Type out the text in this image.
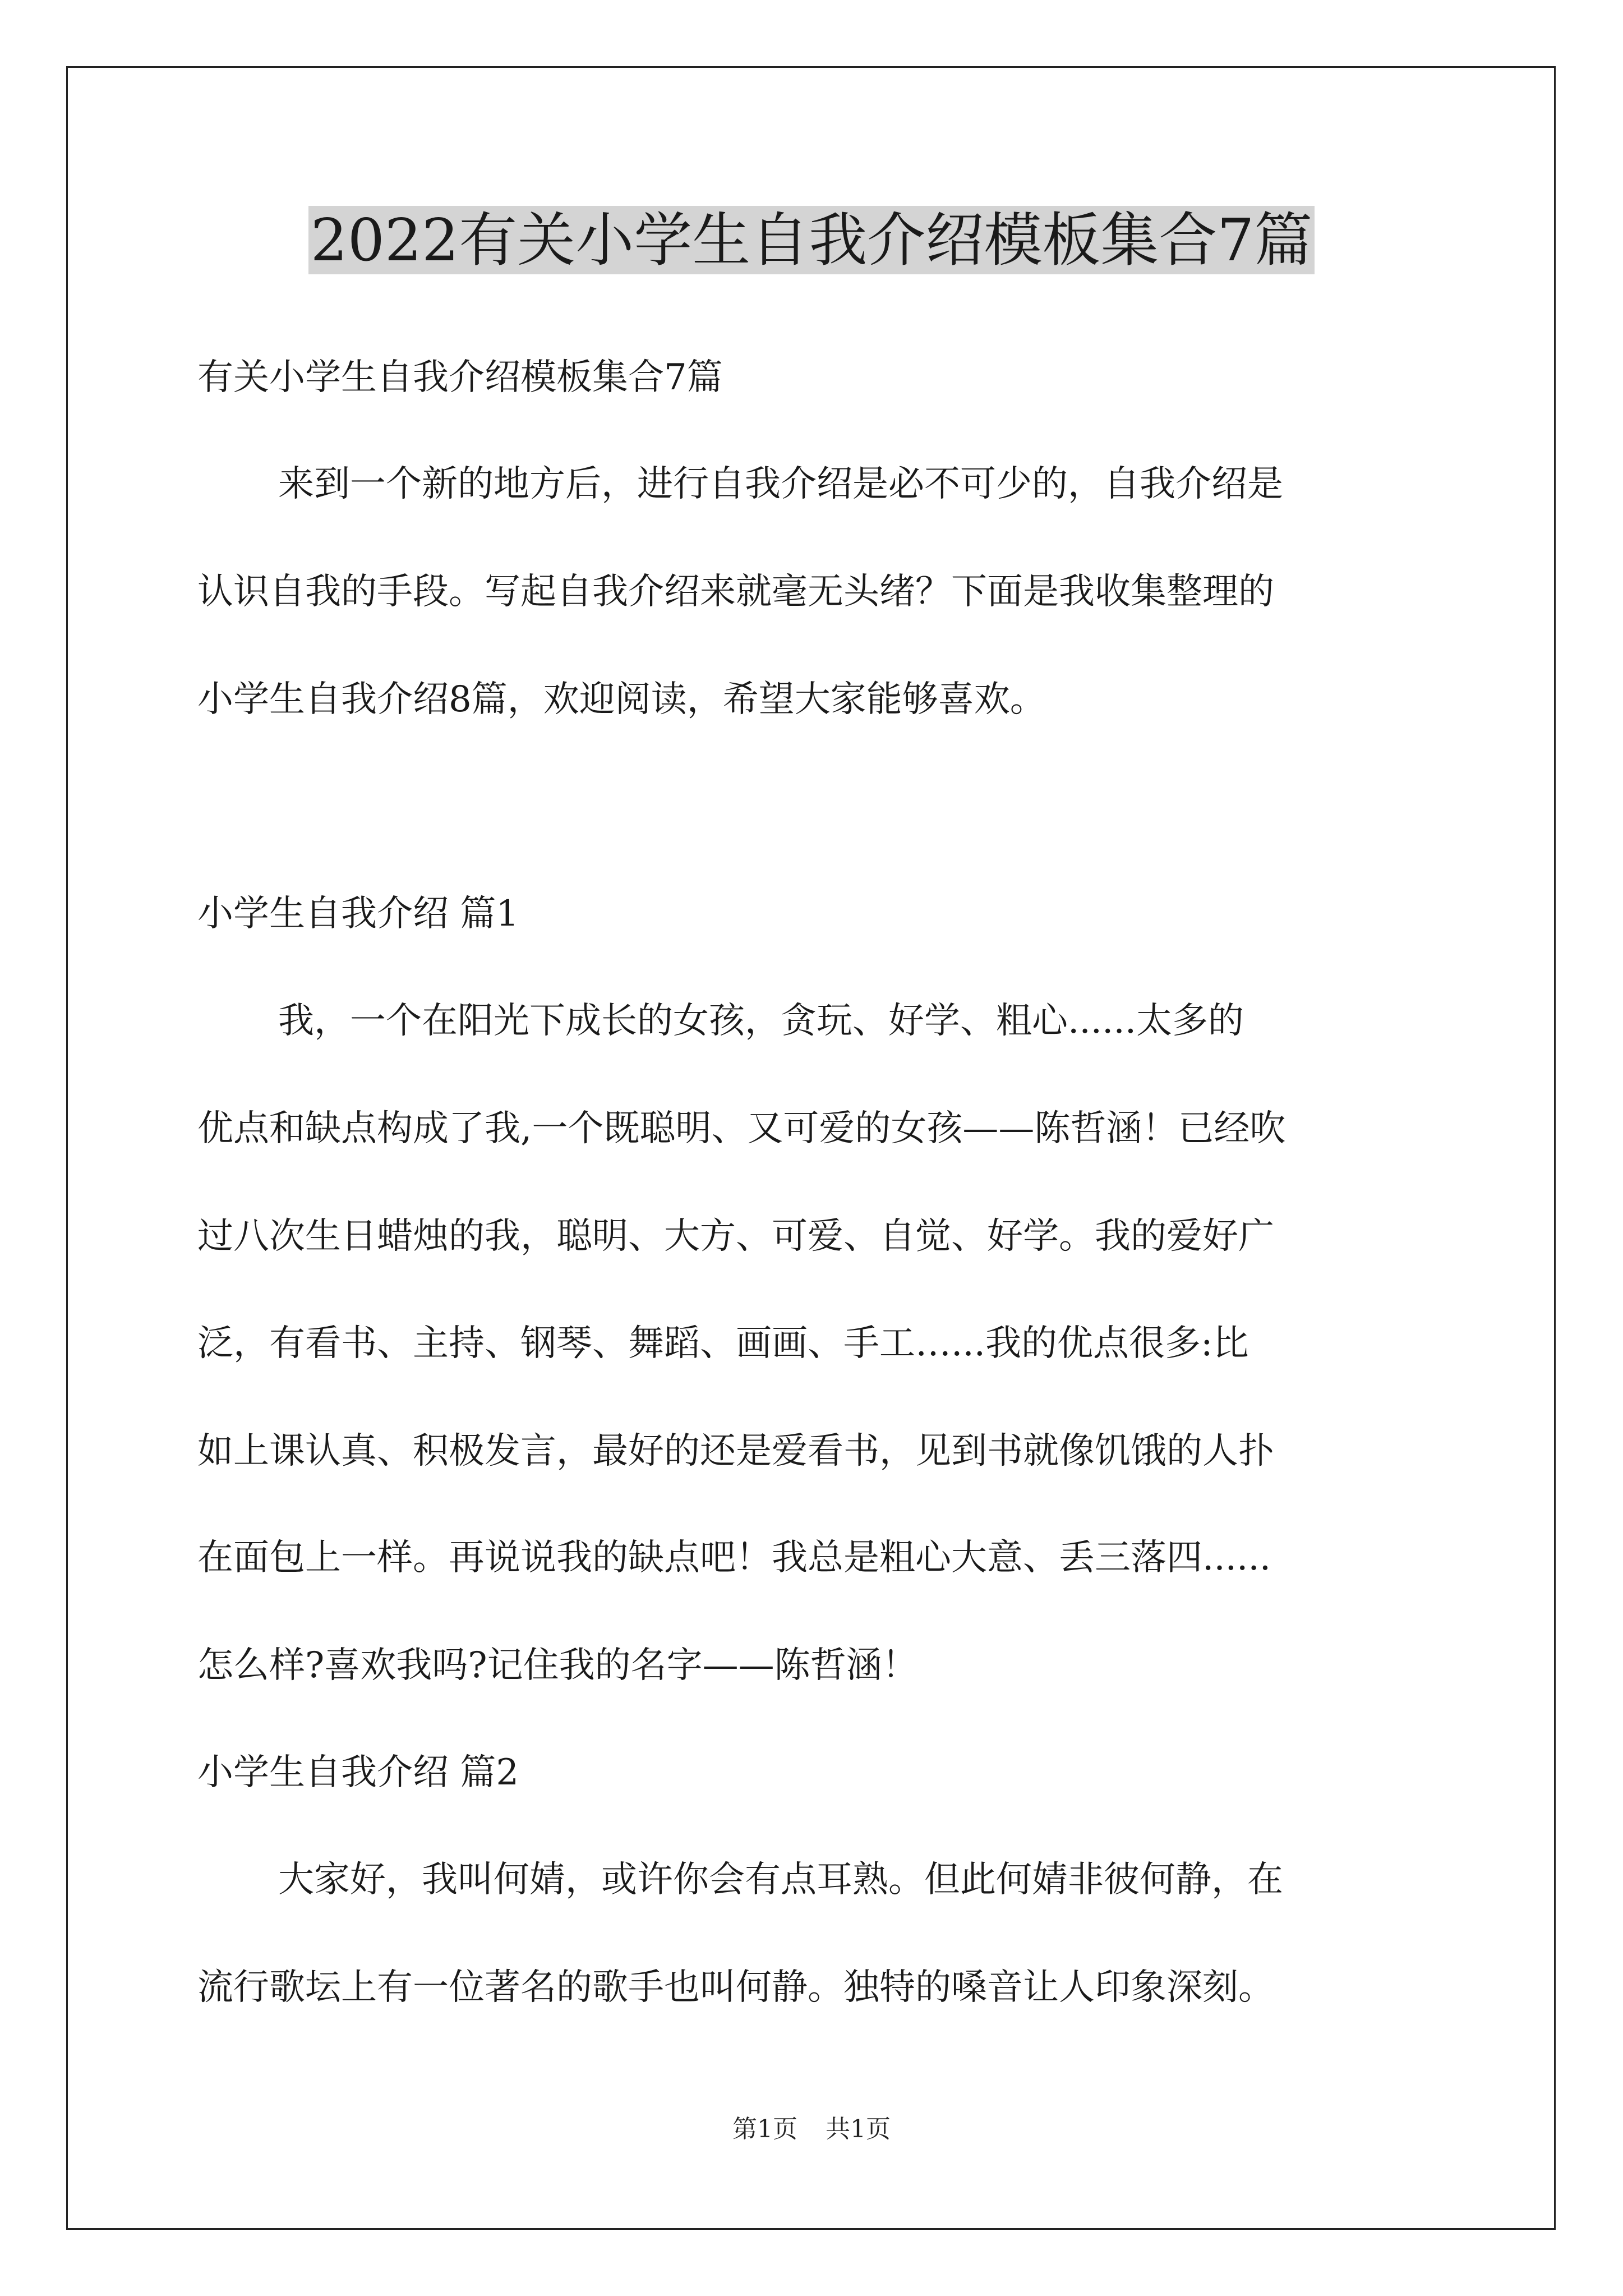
2022有关小学生自我介绍模板集合7篇

有关小学生自我介绍模板集合7篇

来到一个新的地方后，进行自我介绍是必不可少的，自我介绍是

认识自我的手段。写起自我介绍来就毫无头绪？下面是我收集整理的

小学生自我介绍8篇，欢迎阅读，希望大家能够喜欢。

小学生自我介绍 篇1

我，一个在阳光下成长的女孩，贪玩、好学、粗心......太多的

优点和缺点构成了我,一个既聪明、又可爱的女孩——陈哲涵！已经吹

过八次生日蜡烛的我，聪明、大方、可爱、自觉、好学。我的爱好广

泛，有看书、主持、钢琴、舞蹈、画画、手工…...我的优点很多:比

如上课认真、积极发言，最好的还是爱看书，见到书就像饥饿的人扑

在面包上一样。再说说我的缺点吧！我总是粗心大意、丢三落四......

怎么样?喜欢我吗?记住我的名字——陈哲涵！

小学生自我介绍 篇2

大家好，我叫何婧，或许你会有点耳熟。但此何婧非彼何静，在

流行歌坛上有一位著名的歌手也叫何静。独特的嗓音让人印象深刻。

第1页 共1页
